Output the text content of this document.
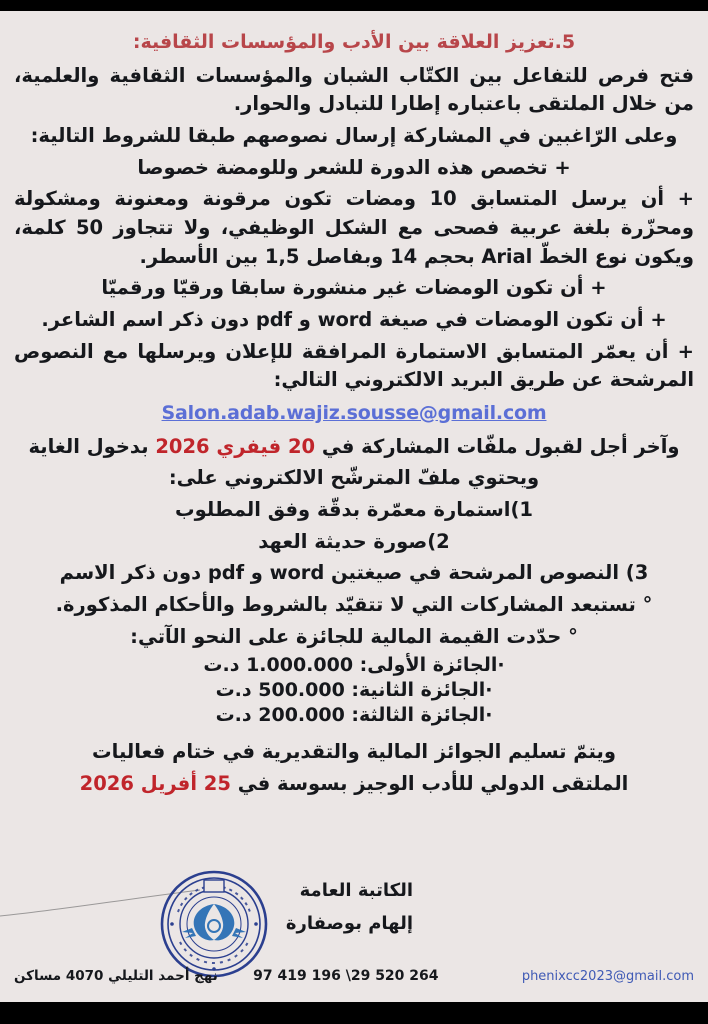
5.تعزيز العلاقة بين الأدب والمؤسسات الثقافية:

فتح فرص للتفاعل بين الكتّاب الشبان والمؤسسات الثقافية والعلمية، من خلال الملتقى باعتباره إطارا للتبادل والحوار.

وعلى الرّاغبين في المشاركة إرسال نصوصهم طبقا للشروط التالية:

+ تخصص هذه الدورة للشعر وللومضة خصوصا

+ أن يرسل المتسابق 10 ومضات تكون مرقونة ومعنونة ومشكولة ومحزّرة بلغة عربية فصحى مع الشكل الوظيفي، ولا تتجاوز 50 كلمة، ويكون نوع الخطّ Arial بحجم 14 وبفاصل 1,5 بين الأسطر.

+ أن تكون الومضات غير منشورة سابقا ورقيّا ورقميّا

+ أن تكون الومضات في صيغة word و pdf دون ذكر اسم الشاعر.

+ أن يعمّر المتسابق الاستمارة المرافقة للإعلان ويرسلها مع النصوص المرشحة عن طريق البريد الالكتروني التالي:

Salon.adab.wajiz.sousse@gmail.com

وآخر أجل لقبول ملفّات المشاركة في 20 فيفري 2026 بدخول الغاية

ويحتوي ملفّ المترشّح الالكتروني على:

1)استمارة معمّرة بدقّة وفق المطلوب

2)صورة حديثة العهد

3) النصوص المرشحة في صيغتين word و pdf دون ذكر الاسم

° تستبعد المشاركات التي لا تتقيّد بالشروط والأحكام المذكورة.

° حدّدت القيمة المالية للجائزة على النحو الآتي:

·الجائزة الأولى: 1.000.000 د.ت

·الجائزة الثانية: 500.000 د.ت

·الجائزة الثالثة: 200.000 د.ت

ويتمّ تسليم الجوائز المالية والتقديرية في ختام فعاليات

الملتقى الدولي للأدب الوجيز بسوسة في 25 أفريل 2026

الكاتبة العامة
إلهام بوصفارة
نهج أحمد التليلي 4070 مساكن	97 419 196 \29 520 264	phenixcc2023@gmail.com
